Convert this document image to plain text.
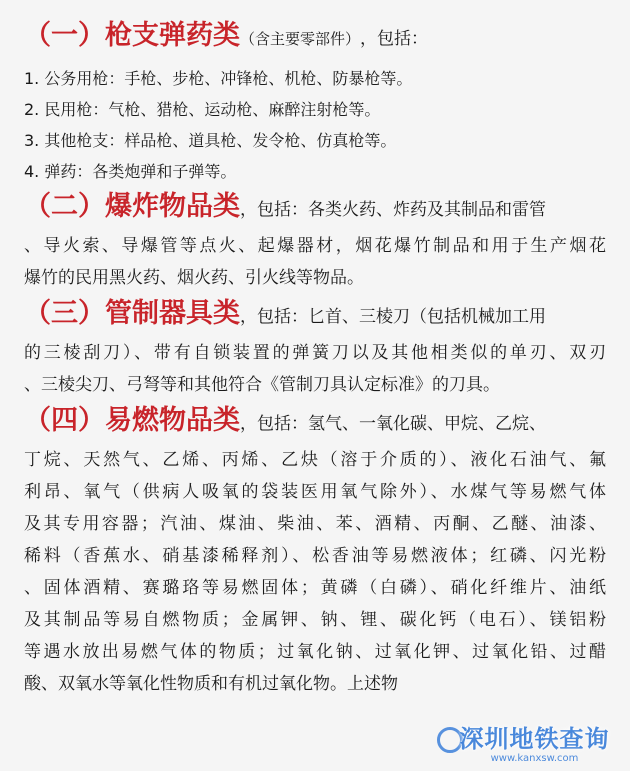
（一）枪支弹药类 （含主要零部件） ，包括：
1. 公务用枪：手枪、步枪、冲锋枪、机枪、防暴枪等。
2. 民用枪：气枪、猎枪、运动枪、麻醉注射枪等。
3. 其他枪支：样品枪、道具枪、发令枪、仿真枪等。
4. 弹药：各类炮弹和子弹等。
（二）爆炸物品类 ，包括：各类火药、炸药及其制品和雷管
、导火索、导爆管等点火、起爆器材，烟花爆竹制品和用于生产烟花
爆竹的民用黑火药、烟火药、引火线等物品。
（三）管制器具类 ，包括：匕首、三棱刀（包括机械加工用
的三棱刮刀）、带有自锁装置的弹簧刀以及其他相类似的单刃、双刃
、三棱尖刀、弓弩等和其他符合《管制刀具认定标准》的刀具。
（四）易燃物品类 ，包括：氢气、一氧化碳、甲烷、乙烷、
丁烷、天然气、乙烯、丙烯、乙炔（溶于介质的）、液化石油气、氟
利昂、氧气（供病人吸氧的袋装医用氧气除外）、水煤气等易燃气体
及其专用容器；汽油、煤油、柴油、苯、酒精、丙酮、乙醚、油漆、
稀料（香蕉水、硝基漆稀释剂）、松香油等易燃液体；红磷、闪光粉
、固体酒精、赛璐珞等易燃固体；黄磷（白磷）、硝化纤维片、油纸
及其制品等易自燃物质；金属钾、钠、锂、碳化钙（电石）、镁铝粉
等遇水放出易燃气体的物质；过氧化钠、过氧化钾、过氧化铅、过醋
酸、双氧水等氧化性物质和有机过氧化物。上述物
深圳地铁查询
www.kanxsw.com
